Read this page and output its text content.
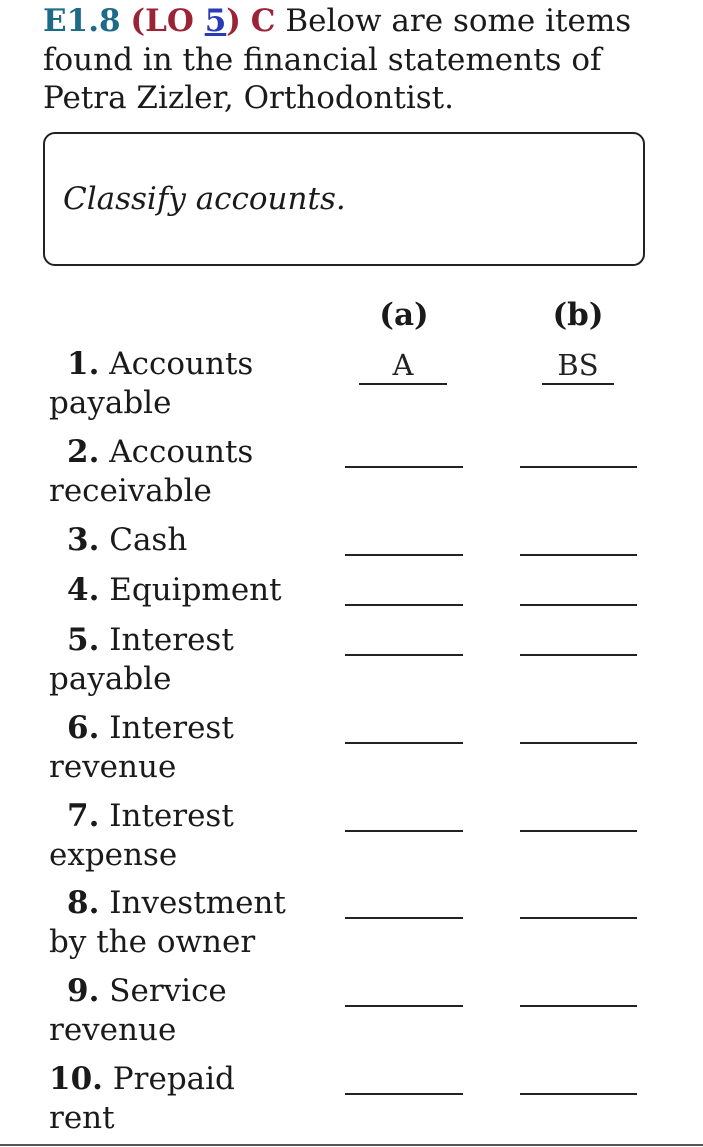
E1.8 (LO 5) C Below are some items found in the financial statements of Petra Zizler, Orthodontist.

Classify accounts.
(a)	(b)
1. Accounts payable
A	BS
2. Accounts receivable
3. Cash
4. Equipment
5. Interest payable
6. Interest revenue
7. Interest expense
8. Investment by the owner
9. Service revenue
10. Prepaid rent
